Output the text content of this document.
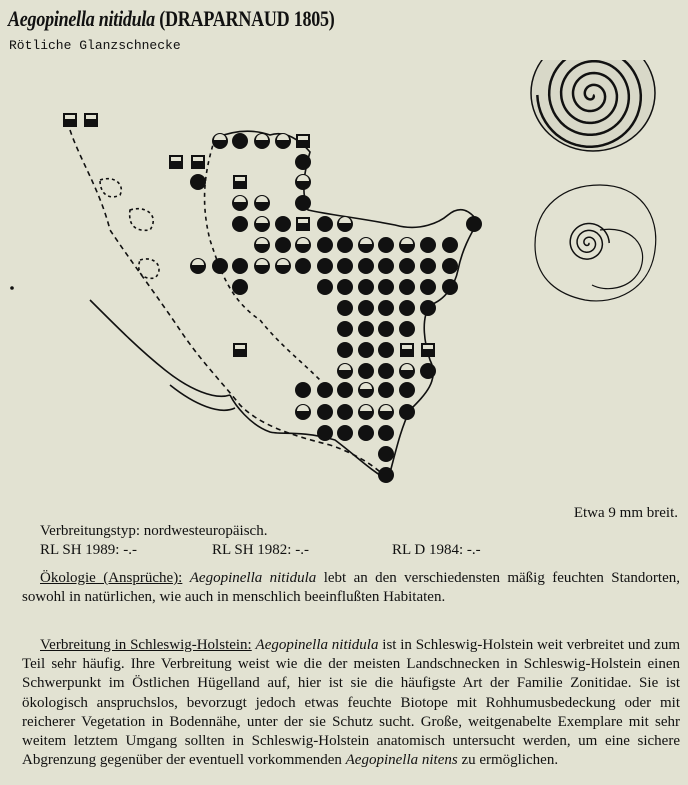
Aegopinella nitidula (DRAPARNAUD 1805)
Rötliche Glanzschnecke
Etwa 9 mm breit.
Verbreitungstyp: nordwesteuropäisch.
RL SH 1989: -.-	RL SH 1982: -.-	RL D 1984: -.-
Ökologie (Ansprüche): Aegopinella nitidula lebt an den verschiedensten mäßig feuchten Standorten, sowohl in natürlichen, wie auch in menschlich beeinflußten Habitaten.
Verbreitung in Schleswig-Holstein: Aegopinella nitidula ist in Schleswig-Holstein weit verbreitet und zum Teil sehr häufig. Ihre Verbreitung weist wie die der meisten Landschnecken in Schleswig-Holstein einen Schwerpunkt im Östlichen Hügelland auf, hier ist sie die häufigste Art der Familie Zonitidae. Sie ist ökologisch anspruchslos, bevorzugt jedoch etwas feuchte Biotope mit Rohhumusbedeckung oder mit reicherer Vegetation in Bodennähe, unter der sie Schutz sucht. Große, weitgenabelte Exemplare mit sehr weitem letztem Umgang sollten in Schleswig-Holstein anatomisch untersucht werden, um eine sichere Abgrenzung gegenüber der eventuell vorkommenden Aegopinella nitens zu ermöglichen.
